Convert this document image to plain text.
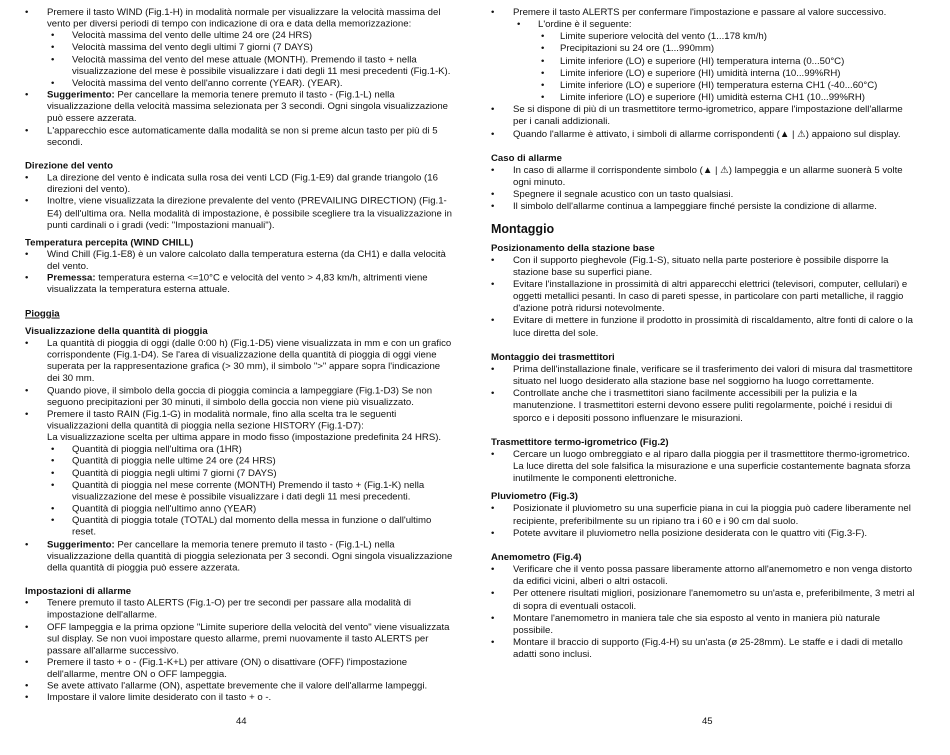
• Premere il tasto WIND (Fig.1-H) in modalità normale per visualizzare la velocità massima del vento per diversi periodi di tempo con indicazione di ora e data della memorizzazione:
• Velocità massima del vento delle ultime 24 ore (24 HRS)
• Velocità massima del vento degli ultimi 7 giorni (7 DAYS)
• Velocità massima del vento del mese attuale (MONTH). Premendo il tasto + nella visualizzazione del mese è possibile visualizzare i dati degli 11 mesi precedenti (Fig.1-K).
• Velocità massima del vento dell'anno corrente (YEAR). (YEAR).
• Suggerimento: Per cancellare la memoria tenere premuto il tasto - (Fig.1-L) nella visualizzazione della velocità massima selezionata per 3 secondi. Ogni singola visualizzazione può essere azzerata.
• L'apparecchio esce automaticamente dalla modalità se non si preme alcun tasto per più di 5 secondi.
Direzione del vento
• La direzione del vento è indicata sulla rosa dei venti LCD (Fig.1-E9) dal grande triangolo (16 direzioni del vento).
• Inoltre, viene visualizzata la direzione prevalente del vento (PREVAILING DIRECTION) (Fig.1-E4) dell'ultima ora. Nella modalità di impostazione, è possibile scegliere tra la visualizzazione in punti cardinali o i gradi (vedi: "Impostazioni manuali").
Temperatura percepita (WIND CHILL)
• Wind Chill (Fig.1-E8) è un valore calcolato dalla temperatura esterna (da CH1) e dalla velocità del vento.
• Premessa: temperatura esterna <=10°C e velocità del vento > 4,83 km/h, altrimenti viene visualizzata la temperatura esterna attuale.
Pioggia
Visualizzazione della quantità di pioggia
• La quantità di pioggia di oggi (dalle 0:00 h) (Fig.1-D5) viene visualizzata in mm e con un grafico corrispondente (Fig.1-D4). Se l'area di visualizzazione della quantità di pioggia di oggi viene superata per la rappresentazione grafica (> 30 mm), il simbolo ">" appare sopra l'indicazione dei 30 mm.
• Quando piove, il simbolo della goccia di pioggia comincia a lampeggiare (Fig.1-D3) Se non seguono precipitazioni per 30 minuti, il simbolo della goccia non viene più visualizzato.
• Premere il tasto RAIN (Fig.1-G) in modalità normale, fino alla scelta tra le seguenti visualizzazioni della quantità di pioggia nella sezione HISTORY (Fig.1-D7):
La visualizzazione scelta per ultima appare in modo fisso (impostazione predefinita 24 HRS).
• Quantità di pioggia nell'ultima ora (1HR)
• Quantità di pioggia nelle ultime 24 ore (24 HRS)
• Quantità di pioggia negli ultimi 7 giorni (7 DAYS)
• Quantità di pioggia nel mese corrente (MONTH) Premendo il tasto + (Fig.1-K) nella visualizzazione del mese è possibile visualizzare i dati degli 11 mesi precedenti.
• Quantità di pioggia nell'ultimo anno (YEAR)
• Quantità di pioggia totale (TOTAL) dal momento della messa in funzione o dall'ultimo reset.
• Suggerimento: Per cancellare la memoria tenere premuto il tasto - (Fig.1-L) nella visualizzazione della quantità di pioggia selezionata per 3 secondi. Ogni singola visualizzazione della quantità di pioggia può essere azzerata.
Impostazioni di allarme
• Tenere premuto il tasto ALERTS (Fig.1-O) per tre secondi per passare alla modalità di impostazione dell'allarme.
• OFF lampeggia e la prima opzione "Limite superiore della velocità del vento" viene visualizzata sul display. Se non vuoi impostare questo allarme, premi nuovamente il tasto ALERTS per passare all'allarme successivo.
• Premere il tasto + o - (Fig.1-K+L) per attivare (ON) o disattivare (OFF) l'impostazione dell'allarme, mentre ON o OFF lampeggia.
• Se avete attivato l'allarme (ON), aspettate brevemente che il valore dell'allarme lampeggi.
• Impostare il valore limite desiderato con il tasto + o -.
• Premere il tasto ALERTS per confermare l'impostazione e passare al valore successivo.
• L'ordine è il seguente:
• Limite superiore velocità del vento (1...178 km/h)
• Precipitazioni su 24 ore (1...990mm)
• Limite inferiore (LO) e superiore (HI) temperatura interna (0...50°C)
• Limite inferiore (LO) e superiore (HI) umidità interna (10...99%RH)
• Limite inferiore (LO) e superiore (HI) temperatura esterna CH1 (-40...60°C)
• Limite inferiore (LO) e superiore (HI) umidità esterna CH1 (10...99%RH)
• Se si dispone di più di un trasmettitore termo-igrometrico, appare l'impostazione dell'allarme per i canali addizionali.
• Quando l'allarme è attivato, i simboli di allarme corrispondenti (▲ | ⚠) appaiono sul display.
Caso di allarme
• In caso di allarme il corrispondente simbolo (▲ | ⚠) lampeggia e un allarme suonerà 5 volte ogni minuto.
• Spegnere il segnale acustico con un tasto qualsiasi.
• Il simbolo dell'allarme continua a lampeggiare finché persiste la condizione di allarme.
Montaggio
Posizionamento della stazione base
• Con il supporto pieghevole (Fig.1-S), situato nella parte posteriore è possibile disporre la stazione base su superfici piane.
• Evitare l'installazione in prossimità di altri apparecchi elettrici (televisori, computer, cellulari) e oggetti metallici pesanti. In caso di pareti spesse, in particolare con parti metalliche, il raggio d'azione potrà ridursi notevolmente.
• Evitare di mettere in funzione il prodotto in prossimità di riscaldamento, altre fonti di calore o la luce diretta del sole.
Montaggio dei trasmettitori
• Prima dell'installazione finale, verificare se il trasferimento dei valori di misura dal trasmettitore situato nel luogo desiderato alla stazione base nel soggiorno ha luogo correttamente.
• Controllate anche che i trasmettitori siano facilmente accessibili per la pulizia e la manutenzione. I trasmettitori esterni devono essere puliti regolarmente, poiché i residui di sporco e i depositi possono influenzare le misurazioni.
Trasmettitore termo-igrometrico (Fig.2)
• Cercare un luogo ombreggiato e al riparo dalla pioggia per il trasmettitore thermo-igrometrico. La luce diretta del sole falsifica la misurazione e una superficie costantemente bagnata sforza inutilmente le componenti elettroniche.
Pluviometro (Fig.3)
• Posizionate il pluviometro su una superficie piana in cui la pioggia può cadere liberamente nel recipiente, preferibilmente su un ripiano tra i 60 e i 90 cm dal suolo.
• Potete avvitare il pluviometro nella posizione desiderata con le quattro viti (Fig.3-F).
Anemometro (Fig.4)
• Verificare che il vento possa passare liberamente attorno all'anemometro e non venga distorto da edifici vicini, alberi o altri ostacoli.
• Per ottenere risultati migliori, posizionare l'anemometro su un'asta e, preferibilmente, 3 metri al di sopra di eventuali ostacoli.
• Montare l'anemometro in maniera tale che sia esposto al vento in maniera più naturale possibile.
• Montare il braccio di supporto (Fig.4-H) su un'asta (ø 25-28mm). Le staffe e i dadi di metallo adatti sono inclusi.
44	45
